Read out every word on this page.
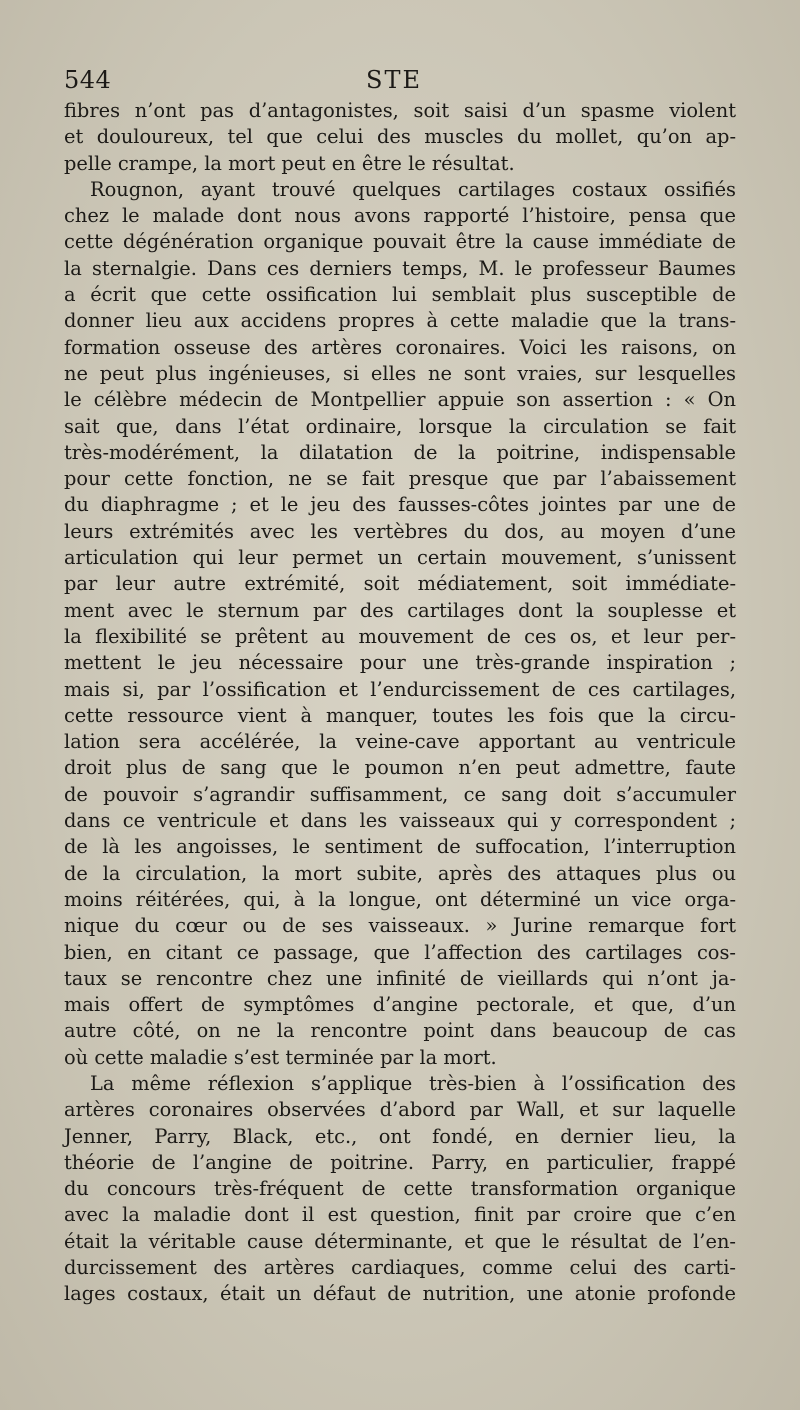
544	STE
fibres n’ont pas d’antagonistes, soit saisi d’un spasme violent
et douloureux, tel que celui des muscles du mollet, qu’on ap-
pelle crampe, la mort peut en être le résultat.
Rougnon, ayant trouvé quelques cartilages costaux ossifiés
chez le malade dont nous avons rapporté l’histoire, pensa que
cette dégénération organique pouvait être la cause immédiate de
la sternalgie. Dans ces derniers temps, M. le professeur Baumes
a écrit que cette ossification lui semblait plus susceptible de
donner lieu aux accidens propres à cette maladie que la trans-
formation osseuse des artères coronaires. Voici les raisons, on
ne peut plus ingénieuses, si elles ne sont vraies, sur lesquelles
le célèbre médecin de Montpellier appuie son assertion : « On
sait que, dans l’état ordinaire, lorsque la circulation se fait
très-modérément, la dilatation de la poitrine, indispensable
pour cette fonction, ne se fait presque que par l’abaissement
du diaphragme ; et le jeu des fausses-côtes jointes par une de
leurs extrémités avec les vertèbres du dos, au moyen d’une
articulation qui leur permet un certain mouvement, s’unissent
par leur autre extrémité, soit médiatement, soit immédiate-
ment avec le sternum par des cartilages dont la souplesse et
la flexibilité se prêtent au mouvement de ces os, et leur per-
mettent le jeu nécessaire pour une très-grande inspiration ;
mais si, par l’ossification et l’endurcissement de ces cartilages,
cette ressource vient à manquer, toutes les fois que la circu-
lation sera accélérée, la veine-cave apportant au ventricule
droit plus de sang que le poumon n’en peut admettre, faute
de pouvoir s’agrandir suffisamment, ce sang doit s’accumuler
dans ce ventricule et dans les vaisseaux qui y correspondent ;
de là les angoisses, le sentiment de suffocation, l’interruption
de la circulation, la mort subite, après des attaques plus ou
moins réitérées, qui, à la longue, ont déterminé un vice orga-
nique du cœur ou de ses vaisseaux. » Jurine remarque fort
bien, en citant ce passage, que l’affection des cartilages cos-
taux se rencontre chez une infinité de vieillards qui n’ont ja-
mais offert de symptômes d’angine pectorale, et que, d’un
autre côté, on ne la rencontre point dans beaucoup de cas
où cette maladie s’est terminée par la mort.
La même réflexion s’applique très-bien à l’ossification des
artères coronaires observées d’abord par Wall, et sur laquelle
Jenner, Parry, Black, etc., ont fondé, en dernier lieu, la
théorie de l’angine de poitrine. Parry, en particulier, frappé
du concours très-fréquent de cette transformation organique
avec la maladie dont il est question, finit par croire que c’en
était la véritable cause déterminante, et que le résultat de l’en-
durcissement des artères cardiaques, comme celui des carti-
lages costaux, était un défaut de nutrition, une atonie profonde
